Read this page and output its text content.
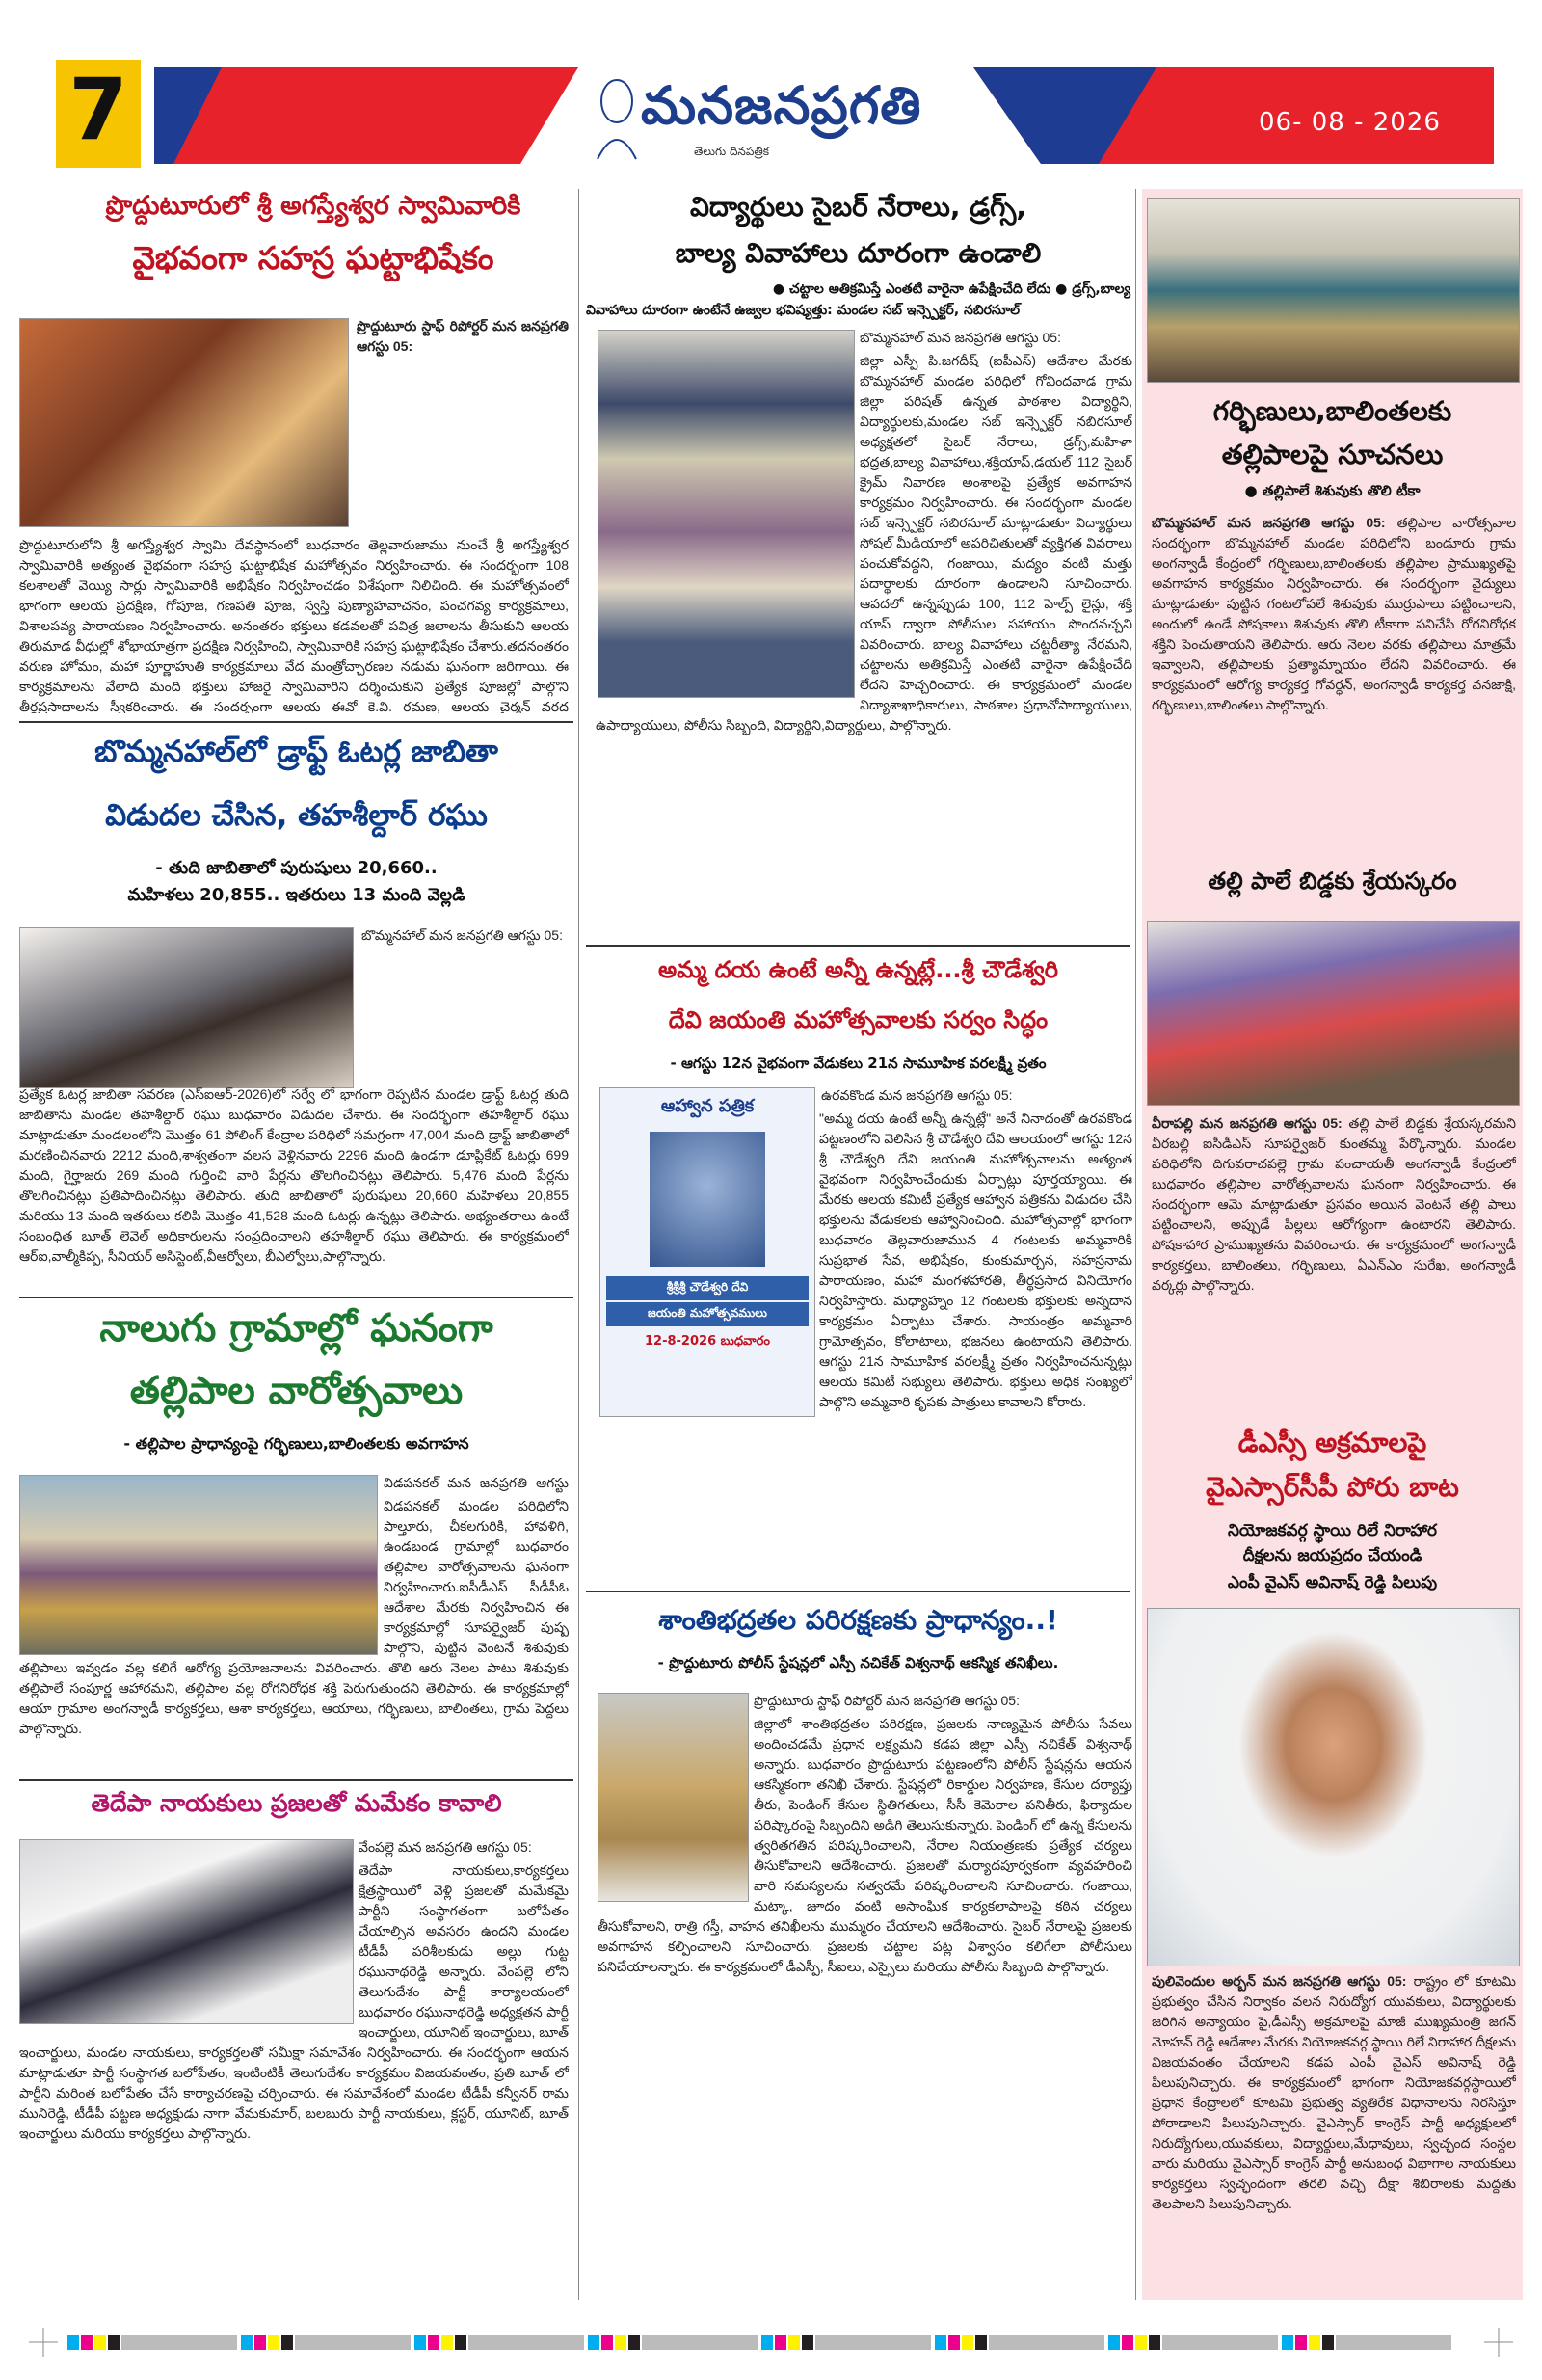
7	మనజనప్రగతి
తెలుగు దినపత్రిక
06- 08 - 2026
ప్రొద్దుటూరులో శ్రీ అగస్త్యేశ్వర స్వామివారికి
వైభవంగా సహస్ర ఘట్టాభిషేకం
ప్రొద్దుటూరు స్టాఫ్ రిపోర్టర్ మన జనప్రగతి ఆగస్టు 05:
ప్రొద్దుటూరులోని శ్రీ అగస్త్యేశ్వర స్వామి దేవస్థానంలో బుధవారం తెల్లవారుజాము నుంచే శ్రీ అగస్త్యేశ్వర స్వామివారికి అత్యంత వైభవంగా సహస్ర ఘట్టాభిషేక మహోత్సవం నిర్వహించారు. ఈ సందర్భంగా 108 కలశాలతో వెయ్యి సార్లు స్వామివారికి అభిషేకం నిర్వహించడం విశేషంగా నిలిచింది. ఈ మహోత్సవంలో భాగంగా ఆలయ ప్రదక్షిణ, గోపూజ, గణపతి పూజ, స్వస్తి పుణ్యాహవాచనం, పంచగవ్య కార్యక్రమాలు, విశాలపవ్య పారాయణం నిర్వహించారు. అనంతరం భక్తులు కడవలతో పవిత్ర జలాలను తీసుకుని ఆలయ తిరుమాడ వీధుల్లో శోభాయాత్రగా ప్రదక్షిణ నిర్వహించి, స్వామివారికి సహస్ర ఘట్టాభిషేకం చేశారు.తదనంతరం వరుణ హోమం, మహా పూర్ణాహుతి కార్యక్రమాలు వేద మంత్రోచ్చారణల నడుమ ఘనంగా జరిగాయి. ఈ కార్యక్రమాలను వేలాది మంది భక్తులు హాజరై స్వామివారిని దర్శించుకుని ప్రత్యేక పూజల్లో పాల్గొని తీర్థప్రసాదాలను స్వీకరించారు. ఈ సందర్భంగా ఆలయ ఈవో కె.వి. రమణ, ఆలయ చైర్మన్ వరద
బొమ్మనహాల్‌లో డ్రాఫ్ట్ ఓటర్ల జాబితా
విడుదల చేసిన, తహశీల్దార్ రఘు
- తుది జాబితాలో పురుషులు 20,660..
మహిళలు 20,855.. ఇతరులు 13 మంది వెల్లడి
బొమ్మనహాల్ మన జనప్రగతి ఆగస్టు 05:
ప్రత్యేక ఓటర్ల జాబితా సవరణ (ఎస్ఐఆర్-2026)లో సర్వే లో భాగంగా రెప్పటిన మండల డ్రాఫ్ట్ ఓటర్ల తుది జాబితాను మండల తహశీల్దార్ రఘు బుధవారం విడుదల చేశారు. ఈ సందర్భంగా తహశీల్దార్ రఘు మాట్లాడుతూ మండలంలోని మొత్తం 61 పోలింగ్ కేంద్రాల పరిధిలో సమగ్రంగా 47,004 మంది డ్రాఫ్ట్ జాబితాలో మరణించినవారు 2212 మంది,శాశ్వతంగా వలస వెళ్లినవారు 2296 మంది ఉండగా డూప్లికేట్ ఓటర్లు 699 మంది, గైర్హాజరు 269 మంది గుర్తించి వారి పేర్లను తొలగించినట్లు తెలిపారు. 5,476 మంది పేర్లను తొలగించినట్లు ప్రతిపాదించినట్లు తెలిపారు. తుది జాబితాలో పురుషులు 20,660 మహిళలు 20,855 మరియు 13 మంది ఇతరులు కలిపి మొత్తం 41,528 మంది ఓటర్లు ఉన్నట్లు తెలిపారు. అభ్యంతరాలు ఉంటే సంబంధిత బూత్ లెవెల్ అధికారులను సంప్రదించాలని తహశీల్దార్ రఘు తెలిపారు. ఈ కార్యక్రమంలో ఆర్ఐ,వాల్మీకిప్ప, సీనియర్ అసిస్టెంట్,వీఆర్వోలు, బీఎల్వోలు,పాల్గొన్నారు.
నాలుగు గ్రామాల్లో ఘనంగా
తల్లిపాల వారోత్సవాలు
- తల్లిపాల ప్రాధాన్యంపై గర్భిణులు,బాలింతలకు అవగాహన
విడపనకల్ మన జనప్రగతి ఆగస్టు
విడపనకల్ మండల పరిధిలోని పాల్తూరు, చీకలగురికి, హావళిగి, ఉండబండ గ్రామాల్లో బుధవారం తల్లిపాల వారోత్సవాలను ఘనంగా నిర్వహించారు.ఐసీడీఎస్ సీడీపీఓ ఆదేశాల మేరకు నిర్వహించిన ఈ కార్యక్రమాల్లో సూపర్వైజర్ పుష్ప పాల్గొని, పుట్టిన వెంటనే శిశువుకు తల్లిపాలు ఇవ్వడం వల్ల కలిగే ఆరోగ్య ప్రయోజనాలను వివరించారు. తొలి ఆరు నెలల పాటు శిశువుకు తల్లిపాలే సంపూర్ణ ఆహారమని, తల్లిపాల వల్ల రోగనిరోధక శక్తి పెరుగుతుందని తెలిపారు. ఈ కార్యక్రమాల్లో ఆయా గ్రామాల అంగన్వాడీ కార్యకర్తలు, ఆశా కార్యకర్తలు, ఆయాలు, గర్భిణులు, బాలింతలు, గ్రామ పెద్దలు పాల్గొన్నారు.
తెదేపా నాయకులు ప్రజలతో మమేకం కావాలి
వేంపల్లె మన జనప్రగతి ఆగస్టు 05:
తెదేపా నాయకులు,కార్యకర్తలు క్షేత్రస్థాయిలో వెళ్లి ప్రజలతో మమేకమై పార్టీని సంస్థాగతంగా బలోపేతం చేయాల్సిన అవసరం ఉందని మండల టీడీపీ పరిశీలకుడు అల్లు గుట్ట రఘునాథరెడ్డి అన్నారు. వేంపల్లె లోని తెలుగుదేశం పార్టీ కార్యాలయంలో బుధవారం రఘునాథరెడ్డి అధ్యక్షతన పార్టీ ఇంచార్జులు, యూనిట్ ఇంచార్జులు, బూత్ ఇంచార్జులు, మండల నాయకులు, కార్యకర్తలతో సమీక్షా సమావేశం నిర్వహించారు. ఈ సందర్భంగా ఆయన మాట్లాడుతూ పార్టీ సంస్థాగత బలోపేతం, ఇంటింటికీ తెలుగుదేశం కార్యక్రమం విజయవంతం, ప్రతి బూత్ లో పార్టీని మరింత బలోపేతం చేసే కార్యాచరణపై చర్చించారు. ఈ సమావేశంలో మండల టీడీపీ కన్వీనర్ రామ మునిరెడ్డి, టీడీపీ పట్టణ అధ్యక్షుడు నాగా వేమకుమార్, బలబురు పార్టీ నాయకులు, క్లస్టర్, యూనిట్, బూత్ ఇంచార్జులు మరియు కార్యకర్తలు పాల్గొన్నారు.
విద్యార్థులు సైబర్ నేరాలు, డ్రగ్స్,
బాల్య వివాహాలు దూరంగా ఉండాలి
● చట్టాల అతిక్రమిస్తే ఎంతటి వారైనా ఉపేక్షించేది లేదు ● డ్రగ్స్,బాల్య
వివాహాలు దూరంగా ఉంటేనే ఉజ్వల భవిష్యత్తు: మండల సబ్ ఇన్స్పెక్టర్, నబిరసూల్
బొమ్మనహాల్ మన జనప్రగతి ఆగస్టు 05:
జిల్లా ఎస్పీ పి.జగదీష్ (ఐపీఎస్) ఆదేశాల మేరకు బొమ్మనహాల్ మండల పరిధిలో గోవిందవాడ గ్రామ జిల్లా పరిషత్ ఉన్నత పాఠశాల విద్యార్థిని, విద్యార్థులకు,మండల సబ్ ఇన్స్పెక్టర్ నబిరసూల్ అధ్యక్షతలో సైబర్ నేరాలు, డ్రగ్స్,మహిళా భద్రత,బాల్య వివాహాలు,శక్తియాప్,డయల్ 112 సైబర్ క్రైమ్ నివారణ అంశాలపై ప్రత్యేక అవగాహన కార్యక్రమం నిర్వహించారు. ఈ సందర్భంగా మండల సబ్ ఇన్స్పెక్టర్ నబిరసూల్ మాట్లాడుతూ విద్యార్థులు సోషల్ మీడియాలో అపరిచితులతో వ్యక్తిగత వివరాలు పంచుకోవద్దని, గంజాయి, మద్యం వంటి మత్తు పదార్థాలకు దూరంగా ఉండాలని సూచించారు. ఆపదలో ఉన్నప్పుడు 100, 112 హెల్ప్ లైన్లు, శక్తి యాప్ ద్వారా పోలీసుల సహాయం పొందవచ్చని వివరించారు. బాల్య వివాహాలు చట్టరీత్యా నేరమని, చట్టాలను అతిక్రమిస్తే ఎంతటి వారైనా ఉపేక్షించేది లేదని హెచ్చరించారు. ఈ కార్యక్రమంలో మండల విద్యాశాఖాధికారులు, పాఠశాల ప్రధానోపాధ్యాయులు, ఉపాధ్యాయులు, పోలీసు సిబ్బంది, విద్యార్థిని,విద్యార్థులు, పాల్గొన్నారు.
అమ్మ దయ ఉంటే అన్నీ ఉన్నట్లే...శ్రీ చౌడేశ్వరి
దేవి జయంతి మహోత్సవాలకు సర్వం సిద్ధం
- ఆగస్టు 12న వైభవంగా వేడుకలు 21న సామూహిక వరలక్ష్మీ వ్రతం
ఆహ్వాన పత్రిక
శ్రీశ్రీశ్రీ చౌడేశ్వరి దేవి
జయంతి మహోత్సవములు
12-8-2026 బుధవారం
ఉరవకొండ మన జనప్రగతి ఆగస్టు 05:
"అమ్మ దయ ఉంటే అన్నీ ఉన్నట్లే" అనే నినాదంతో ఉరవకొండ పట్టణంలోని వెలిసిన శ్రీ చౌడేశ్వరి దేవి ఆలయంలో ఆగస్టు 12న శ్రీ చౌడేశ్వరి దేవి జయంతి మహోత్సవాలను అత్యంత వైభవంగా నిర్వహించేందుకు ఏర్పాట్లు పూర్తయ్యాయి. ఈ మేరకు ఆలయ కమిటీ ప్రత్యేక ఆహ్వాన పత్రికను విడుదల చేసి భక్తులను వేడుకలకు ఆహ్వానించింది. మహోత్సవాల్లో భాగంగా బుధవారం తెల్లవారుజామున 4 గంటలకు అమ్మవారికి సుప్రభాత సేవ, అభిషేకం, కుంకుమార్చన, సహస్రనామ పారాయణం, మహా మంగళహారతి, తీర్థప్రసాద వినియోగం నిర్వహిస్తారు. మధ్యాహ్నం 12 గంటలకు భక్తులకు అన్నదాన కార్యక్రమం ఏర్పాటు చేశారు. సాయంత్రం అమ్మవారి గ్రామోత్సవం, కోలాటాలు, భజనలు ఉంటాయని తెలిపారు. ఆగస్టు 21న సామూహిక వరలక్ష్మీ వ్రతం నిర్వహించనున్నట్లు ఆలయ కమిటీ సభ్యులు తెలిపారు. భక్తులు అధిక సంఖ్యలో పాల్గొని అమ్మవారి కృపకు పాత్రులు కావాలని కోరారు.
శాంతిభద్రతల పరిరక్షణకు ప్రాధాన్యం..!
- ప్రొద్దుటూరు పోలీస్ స్టేషన్లలో ఎస్పీ నచికేత్ విశ్వనాథ్ ఆకస్మిక తనిఖీలు.
ప్రొద్దుటూరు స్టాఫ్ రిపోర్టర్ మన జనప్రగతి ఆగస్టు 05:
జిల్లాలో శాంతిభద్రతల పరిరక్షణ, ప్రజలకు నాణ్యమైన పోలీసు సేవలు అందించడమే ప్రధాన లక్ష్యమని కడప జిల్లా ఎస్పీ నచికేత్ విశ్వనాథ్ అన్నారు. బుధవారం ప్రొద్దుటూరు పట్టణంలోని పోలీస్ స్టేషన్లను ఆయన ఆకస్మికంగా తనిఖీ చేశారు. స్టేషన్లలో రికార్డుల నిర్వహణ, కేసుల దర్యాప్తు తీరు, పెండింగ్ కేసుల స్థితిగతులు, సీసీ కెమెరాల పనితీరు, ఫిర్యాదుల పరిష్కారంపై సిబ్బందిని అడిగి తెలుసుకున్నారు. పెండింగ్ లో ఉన్న కేసులను త్వరితగతిన పరిష్కరించాలని, నేరాల నియంత్రణకు ప్రత్యేక చర్యలు తీసుకోవాలని ఆదేశించారు. ప్రజలతో మర్యాదపూర్వకంగా వ్యవహరించి వారి సమస్యలను సత్వరమే పరిష్కరించాలని సూచించారు. గంజాయి, మట్కా, జూదం వంటి అసాంఘిక కార్యకలాపాలపై కఠిన చర్యలు తీసుకోవాలని, రాత్రి గస్తీ, వాహన తనిఖీలను ముమ్మరం చేయాలని ఆదేశించారు. సైబర్ నేరాలపై ప్రజలకు అవగాహన కల్పించాలని సూచించారు. ప్రజలకు చట్టాల పట్ల విశ్వాసం కలిగేలా పోలీసులు పనిచేయాలన్నారు. ఈ కార్యక్రమంలో డీఎస్పీ, సీఐలు, ఎస్సైలు మరియు పోలీసు సిబ్బంది పాల్గొన్నారు.
గర్భిణులు,బాలింతలకు
తల్లిపాలపై సూచనలు
● తల్లిపాలే శిశువుకు తొలి టీకా
బొమ్మనహాల్ మన జనప్రగతి ఆగస్టు 05: తల్లిపాల వారోత్సవాల సందర్భంగా బొమ్మనహాల్ మండల పరిధిలోని బండూరు గ్రామ అంగన్వాడీ కేంద్రంలో గర్భిణులు,బాలింతలకు తల్లిపాల ప్రాముఖ్యతపై అవగాహన కార్యక్రమం నిర్వహించారు. ఈ సందర్భంగా వైద్యులు మాట్లాడుతూ పుట్టిన గంటలోపలే శిశువుకు ముర్రుపాలు పట్టించాలని, అందులో ఉండే పోషకాలు శిశువుకు తొలి టీకాగా పనిచేసి రోగనిరోధక శక్తిని పెంచుతాయని తెలిపారు. ఆరు నెలల వరకు తల్లిపాలు మాత్రమే ఇవ్వాలని, తల్లిపాలకు ప్రత్యామ్నాయం లేదని వివరించారు. ఈ కార్యక్రమంలో ఆరోగ్య కార్యకర్త గోవర్ధన్, అంగన్వాడీ కార్యకర్త వనజాక్షి, గర్భిణులు,బాలింతలు పాల్గొన్నారు.
తల్లి పాలే బిడ్డకు శ్రేయస్కరం
వీరాపల్లి మన జనప్రగతి ఆగస్టు 05: తల్లి పాలే బిడ్డకు శ్రేయస్కరమని వీరబల్లి ఐసీడీఎస్ సూపర్వైజర్ కుంతమ్మ పేర్కొన్నారు. మండల పరిధిలోని దిగువరాచపల్లె గ్రామ పంచాయతీ అంగన్వాడీ కేంద్రంలో బుధవారం తల్లిపాల వారోత్సవాలను ఘనంగా నిర్వహించారు. ఈ సందర్భంగా ఆమె మాట్లాడుతూ ప్రసవం అయిన వెంటనే తల్లి పాలు పట్టించాలని, అప్పుడే పిల్లలు ఆరోగ్యంగా ఉంటారని తెలిపారు. పోషకాహార ప్రాముఖ్యతను వివరించారు. ఈ కార్యక్రమంలో అంగన్వాడీ కార్యకర్తలు, బాలింతలు, గర్భిణులు, ఏఎన్ఎం సురేఖ, అంగన్వాడీ వర్కర్లు పాల్గొన్నారు.
డీఎస్సీ అక్రమాలపై
వైఎస్సార్‌సీపీ పోరు బాట
నియోజకవర్గ స్థాయి రిలే నిరాహార
దీక్షలను జయప్రదం చేయండి
ఎంపీ వైఎస్ అవినాష్ రెడ్డి పిలుపు
పులివెందుల అర్బన్ మన జనప్రగతి ఆగస్టు 05: రాష్ట్రం లో కూటమి ప్రభుత్వం చేసిన నిర్వాకం వలన నిరుద్యోగ యువకులు, విద్యార్థులకు జరిగిన అన్యాయం పై,డీఎస్సీ అక్రమాలపై మాజీ ముఖ్యమంత్రి జగన్ మోహన్ రెడ్డి ఆదేశాల మేరకు నియోజకవర్గ స్థాయి రిలే నిరాహార దీక్షలను విజయవంతం చేయాలని కడప ఎంపీ వైఎస్ అవినాష్ రెడ్డి పిలుపునిచ్చారు. ఈ కార్యక్రమంలో భాగంగా నియోజకవర్గస్థాయిలో ప్రధాన కేంద్రాలలో కూటమి ప్రభుత్వ వ్యతిరేక విధానాలను నిరసిస్తూ పోరాడాలని పిలుపునిచ్చారు. వైఎస్సార్ కాంగ్రెస్ పార్టీ అధ్యక్షులలో నిరుద్యోగులు,యువకులు, విద్యార్థులు,మేధావులు, స్వచ్ఛంద సంస్థల వారు మరియు వైఎస్సార్ కాంగ్రెస్ పార్టీ అనుబంధ విభాగాల నాయకులు కార్యకర్తలు స్వచ్ఛందంగా తరలి వచ్చి దీక్షా శిబిరాలకు మద్దతు తెలపాలని పిలుపునిచ్చారు.
